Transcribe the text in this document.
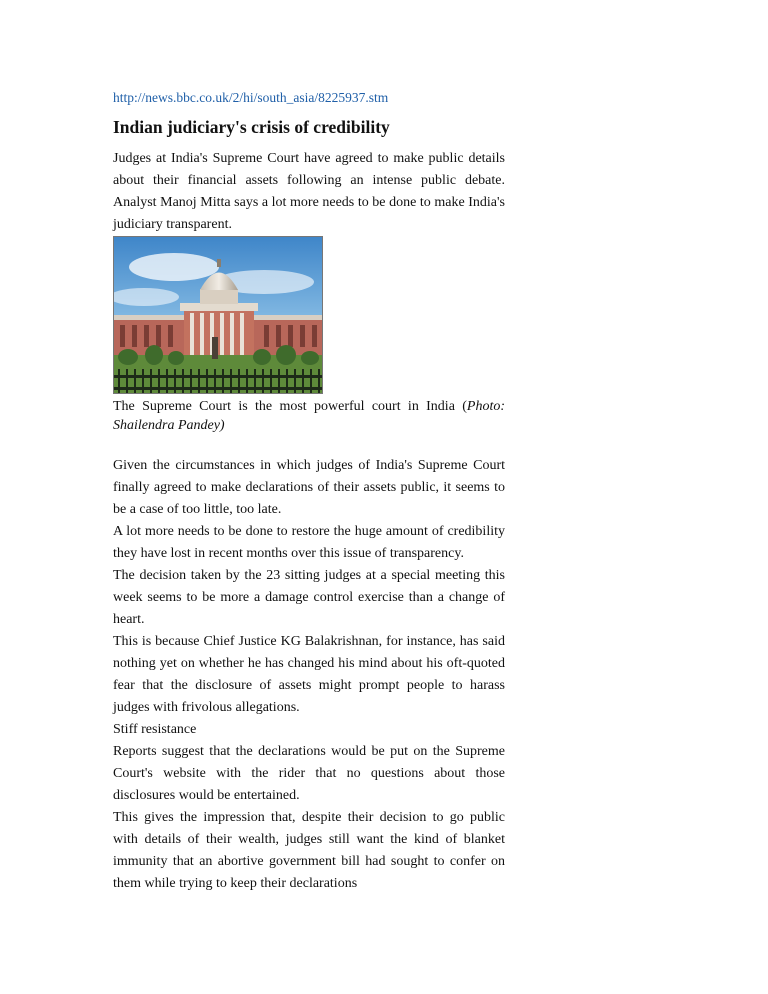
http://news.bbc.co.uk/2/hi/south_asia/8225937.stm
Indian judiciary's crisis of credibility

Judges at India's Supreme Court have agreed to make public details about their financial assets following an intense public debate. Analyst Manoj Mitta says a lot more needs to be done to make India's judiciary transparent.

The Supreme Court is the most powerful court in India (Photo: Shailendra Pandey)

Given the circumstances in which judges of India's Supreme Court finally agreed to make declarations of their assets public, it seems to be a case of too little, too late.

A lot more needs to be done to restore the huge amount of credibility they have lost in recent months over this issue of transparency.

The decision taken by the 23 sitting judges at a special meeting this week seems to be more a damage control exercise than a change of heart.

This is because Chief Justice KG Balakrishnan, for instance, has said nothing yet on whether he has changed his mind about his oft-quoted fear that the disclosure of assets might prompt people to harass judges with frivolous allegations.

Stiff resistance

Reports suggest that the declarations would be put on the Supreme Court's website with the rider that no questions about those disclosures would be entertained.

This gives the impression that, despite their decision to go public with details of their wealth, judges still want the kind of blanket immunity that an abortive government bill had sought to confer on them while trying to keep their declarations
